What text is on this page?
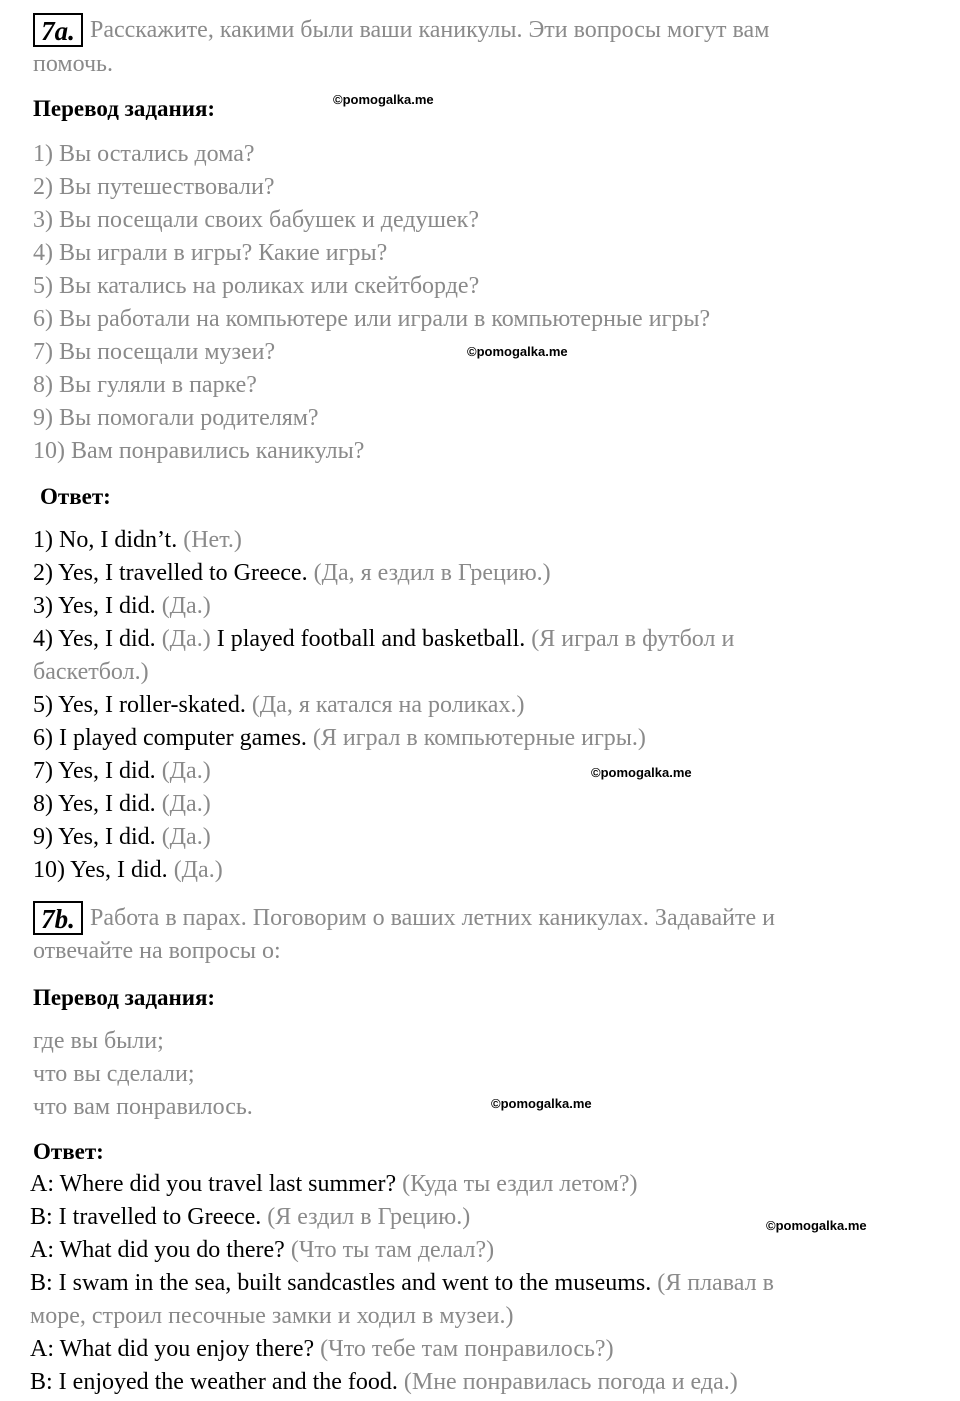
7a. Расскажите, какими были ваши каникулы. Эти вопросы могут вам
помочь.
Перевод задания:	©pomogalka.me
1) Вы остались дома?
2) Вы путешествовали?
3) Вы посещали своих бабушек и дедушек?
4) Вы играли в игры? Какие игры?
5) Вы катались на роликах или скейтборде?
6) Вы работали на компьютере или играли в компьютерные игры?
7) Вы посещали музеи?	©pomogalka.me
8) Вы гуляли в парке?
9) Вы помогали родителям?
10) Вам понравились каникулы?
Ответ:
1) No, I didn’t. (Нет.)
2) Yes, I travelled to Greece. (Да, я ездил в Грецию.)
3) Yes, I did. (Да.)
4) Yes, I did. (Да.) I played football and basketball. (Я играл в футбол и
баскетбол.)
5) Yes, I roller-skated. (Да, я катался на роликах.)
6) I played computer games. (Я играл в компьютерные игры.)
7) Yes, I did. (Да.)	©pomogalka.me
8) Yes, I did. (Да.)
9) Yes, I did. (Да.)
10) Yes, I did. (Да.)
7b. Работа в парах. Поговорим о ваших летних каникулах. Задавайте и
отвечайте на вопросы о:
Перевод задания:
где вы были;
что вы сделали;
что вам понравилось.	©pomogalka.me
Ответ:
A: Where did you travel last summer? (Куда ты ездил летом?)
B: I travelled to Greece. (Я ездил в Грецию.)	©pomogalka.me
A: What did you do there? (Что ты там делал?)
B: I swam in the sea, built sandcastles and went to the museums. (Я плавал в
море, строил песочные замки и ходил в музеи.)
A: What did you enjoy there? (Что тебе там понравилось?)
B: I enjoyed the weather and the food. (Мне понравилась погода и еда.)
